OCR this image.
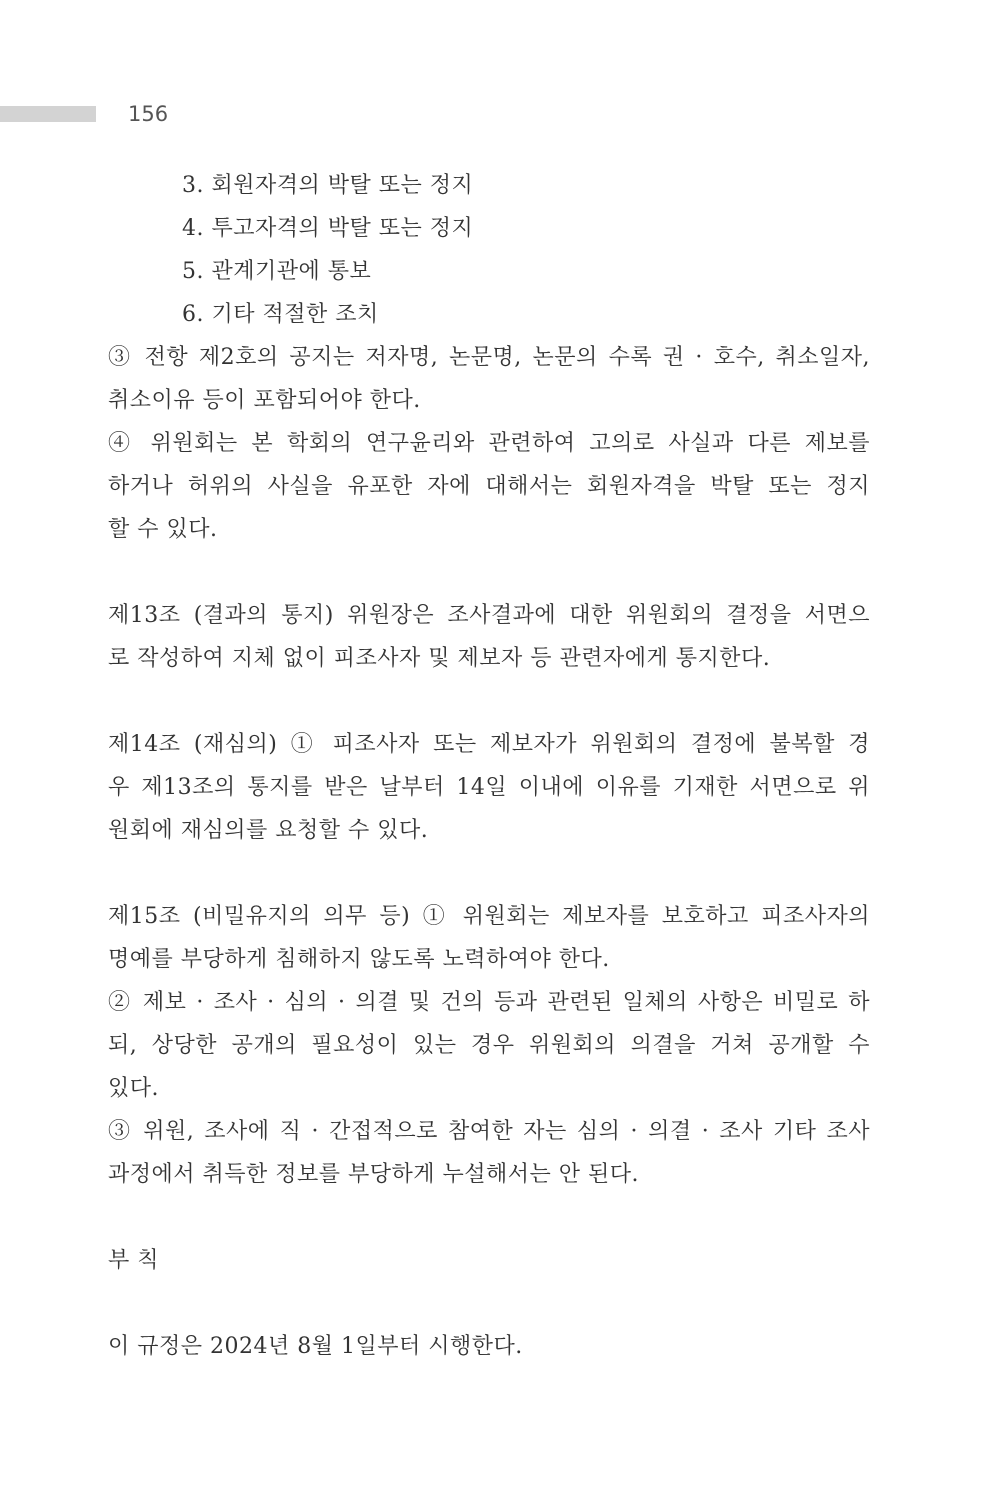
156
3. 회원자격의 박탈 또는 정지
4. 투고자격의 박탈 또는 정지
5. 관계기관에 통보
6. 기타 적절한 조치
③ 전항 제2호의 공지는 저자명, 논문명, 논문의 수록 권 · 호수, 취소일자,
취소이유 등이 포함되어야 한다.
④ 위원회는 본 학회의 연구윤리와 관련하여 고의로 사실과 다른 제보를
하거나 허위의 사실을 유포한 자에 대해서는 회원자격을 박탈 또는 정지
할 수 있다.
제13조 (결과의 통지) 위원장은 조사결과에 대한 위원회의 결정을 서면으
로 작성하여 지체 없이 피조사자 및 제보자 등 관련자에게 통지한다.
제14조 (재심의) ① 피조사자 또는 제보자가 위원회의 결정에 불복할 경
우 제13조의 통지를 받은 날부터 14일 이내에 이유를 기재한 서면으로 위
원회에 재심의를 요청할 수 있다.
제15조 (비밀유지의 의무 등) ① 위원회는 제보자를 보호하고 피조사자의
명예를 부당하게 침해하지 않도록 노력하여야 한다.
② 제보 · 조사 · 심의 · 의결 및 건의 등과 관련된 일체의 사항은 비밀로 하
되, 상당한 공개의 필요성이 있는 경우 위원회의 의결을 거쳐 공개할 수
있다.
③ 위원, 조사에 직 · 간접적으로 참여한 자는 심의 · 의결 · 조사 기타 조사
과정에서 취득한 정보를 부당하게 누설해서는 안 된다.
부 칙
이 규정은 2024년 8월 1일부터 시행한다.
